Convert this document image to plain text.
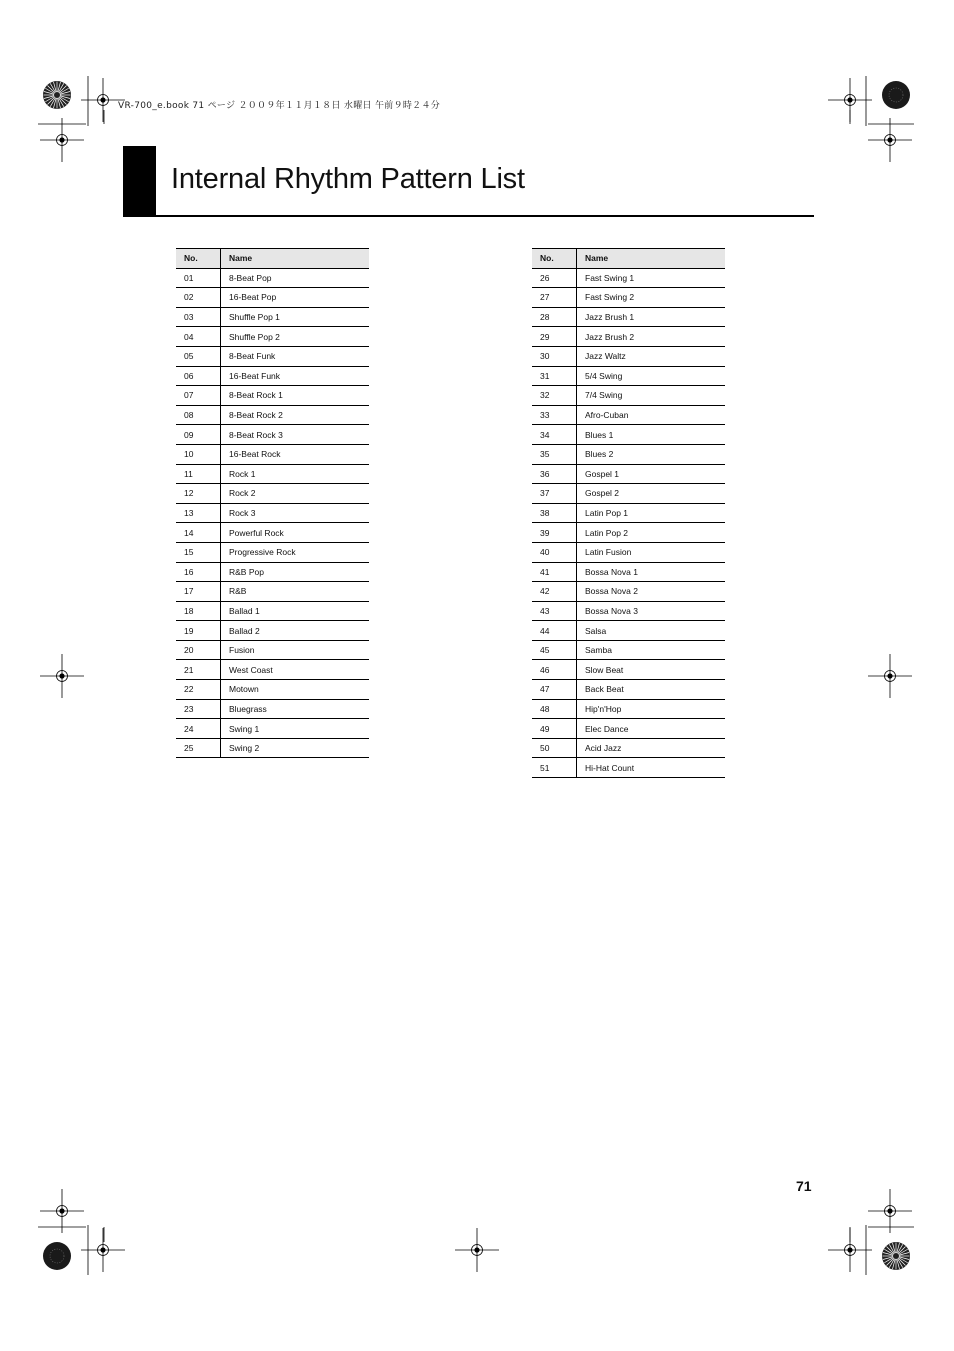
VR-700_e.book 71 ページ ２００９年１１月１８日 水曜日 午前９時２４分
Internal Rhythm Pattern List
No.	Name
01	8-Beat Pop
02	16-Beat Pop
03	Shuffle Pop 1
04	Shuffle Pop 2
05	8-Beat Funk
06	16-Beat Funk
07	8-Beat Rock 1
08	8-Beat Rock 2
09	8-Beat Rock 3
10	16-Beat Rock
11	Rock 1
12	Rock 2
13	Rock 3
14	Powerful Rock
15	Progressive Rock
16	R&B Pop
17	R&B
18	Ballad 1
19	Ballad 2
20	Fusion
21	West Coast
22	Motown
23	Bluegrass
24	Swing 1
25	Swing 2
No.	Name
26	Fast Swing 1
27	Fast Swing 2
28	Jazz Brush 1
29	Jazz Brush 2
30	Jazz Waltz
31	5/4 Swing
32	7/4 Swing
33	Afro-Cuban
34	Blues 1
35	Blues 2
36	Gospel 1
37	Gospel 2
38	Latin Pop 1
39	Latin Pop 2
40	Latin Fusion
41	Bossa Nova 1
42	Bossa Nova 2
43	Bossa Nova 3
44	Salsa
45	Samba
46	Slow Beat
47	Back Beat
48	Hip'n'Hop
49	Elec Dance
50	Acid Jazz
51	Hi-Hat Count
71
